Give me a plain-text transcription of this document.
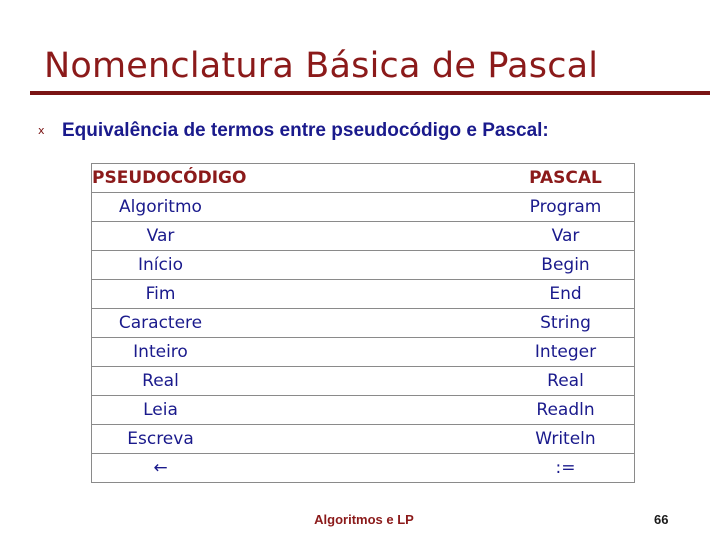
Nomenclatura Básica de Pascal
x Equivalência de termos entre pseudocódigo e Pascal:
PSEUDOCÓDIGO	PASCAL
Algoritmo	Program
Var	Var
Início	Begin
Fim	End
Caractere	String
Inteiro	Integer
Real	Real
Leia	Readln
Escreva	Writeln
←	:=
Algoritmos e LP	66
